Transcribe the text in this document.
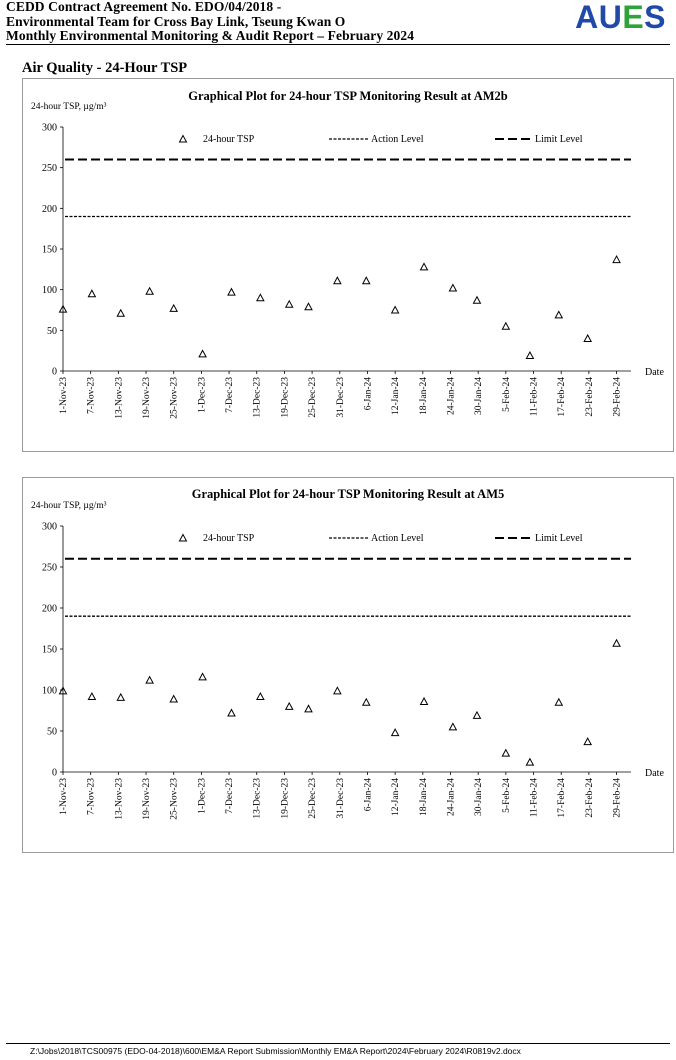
CEDD Contract Agreement No. EDO/04/2018 -
Environmental Team for Cross Bay Link, Tseung Kwan O
Monthly Environmental Monitoring & Audit Report – February 2024
AUES
Air Quality - 24-Hour TSP
Graphical Plot for 24-hour TSP Monitoring Result at AM2b
24-hour TSP, µg/m³
0
50
100
150
200
250
300
1-Nov-23 7-Nov-23 13-Nov-23 19-Nov-23 25-Nov-23 1-Dec-23 7-Dec-23 13-Dec-23 19-Dec-23 25-Dec-23 31-Dec-23 6-Jan-24 12-Jan-24 18-Jan-24 24-Jan-24 30-Jan-24 5-Feb-24 11-Feb-24 17-Feb-24 23-Feb-24 29-Feb-24
Date
24-hour TSP	Action Level	Limit Level
Graphical Plot for 24-hour TSP Monitoring Result at AM5
24-hour TSP, µg/m³
0
50
100
150
200
250
300
1-Nov-23 7-Nov-23 13-Nov-23 19-Nov-23 25-Nov-23 1-Dec-23 7-Dec-23 13-Dec-23 19-Dec-23 25-Dec-23 31-Dec-23 6-Jan-24 12-Jan-24 18-Jan-24 24-Jan-24 30-Jan-24 5-Feb-24 11-Feb-24 17-Feb-24 23-Feb-24 29-Feb-24
Date
24-hour TSP	Action Level	Limit Level
Z:\Jobs\2018\TCS00975 (EDO-04-2018)\600\EM&A Report Submission\Monthly EM&A Report\2024\February 2024\R0819v2.docx
